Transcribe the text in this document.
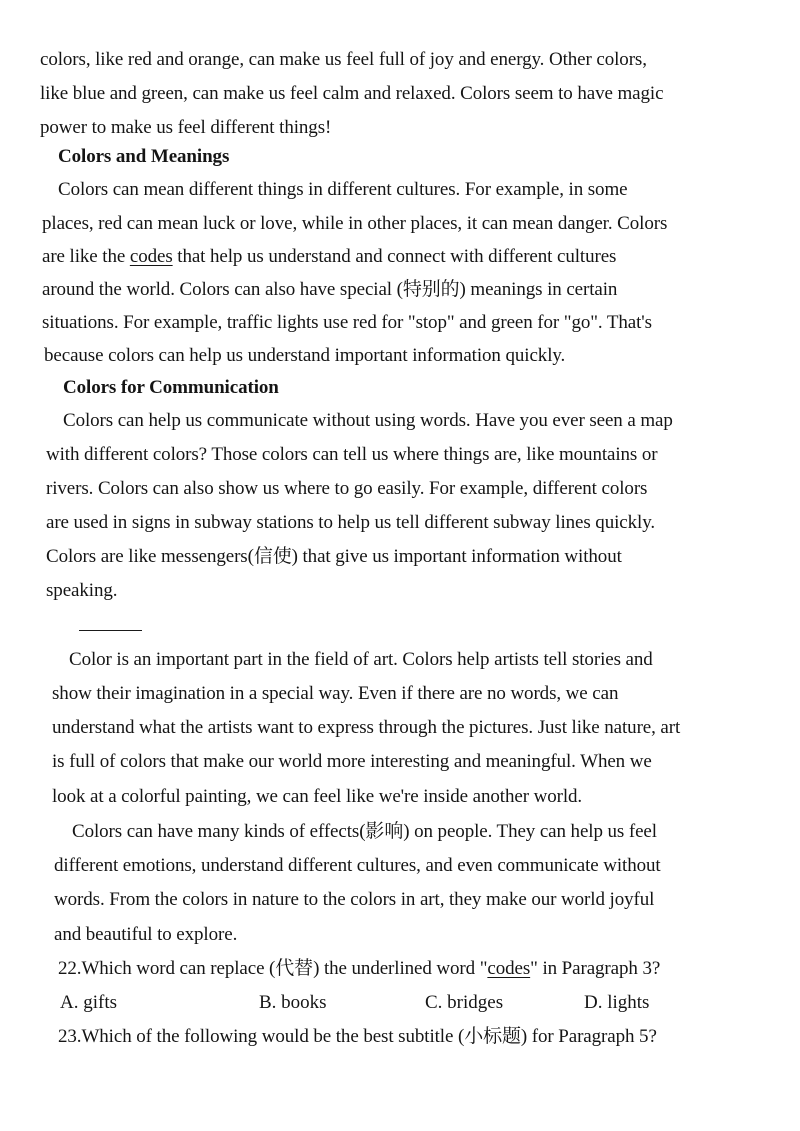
colors, like red and orange, can make us feel full of joy and energy. Other colors,
like blue and green, can make us feel calm and relaxed. Colors seem to have magic
power to make us feel different things!
Colors and Meanings
Colors can mean different things in different cultures. For example, in some
places, red can mean luck or love, while in other places, it can mean danger. Colors
are like the codes that help us understand and connect with different cultures
around the world. Colors can also have special (特别的) meanings in certain
situations. For example, traffic lights use red for "stop" and green for "go". That's
because colors can help us understand important information quickly.
Colors for Communication
Colors can help us communicate without using words. Have you ever seen a map
with different colors? Those colors can tell us where things are, like mountains or
rivers. Colors can also show us where to go easily. For example, different colors
are used in signs in subway stations to help us tell different subway lines quickly.
Colors are like messengers(信使) that give us important information without
speaking.
Color is an important part in the field of art. Colors help artists tell stories and
show their imagination in a special way. Even if there are no words, we can
understand what the artists want to express through the pictures. Just like nature, art
is full of colors that make our world more interesting and meaningful. When we
look at a colorful painting, we can feel like we're inside another world.
Colors can have many kinds of effects(影响) on people. They can help us feel
different emotions, understand different cultures, and even communicate without
words. From the colors in nature to the colors in art, they make our world joyful
and beautiful to explore.
22.Which word can replace (代替) the underlined word "codes" in Paragraph 3?
A. gifts	B. books	C. bridges	D. lights
23.Which of the following would be the best subtitle (小标题) for Paragraph 5?
